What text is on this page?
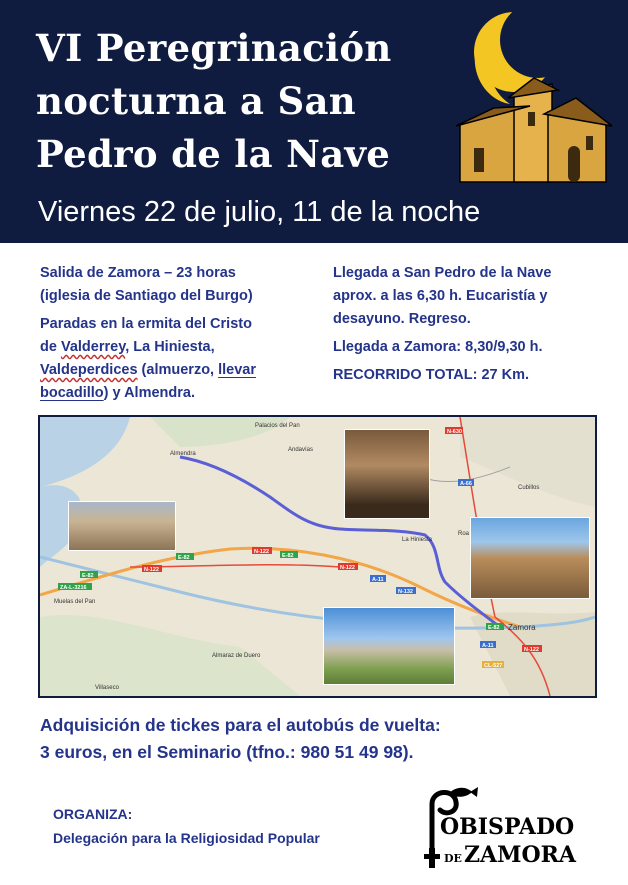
VI Peregrinación nocturna a San Pedro de la Nave

Viernes 22 de julio, 11 de la noche

Salida de Zamora – 23 horas

(iglesia de Santiago del Burgo)

Paradas en la ermita del Cristo

de Valderrey, La Hiniesta,

Valdeperdices (almuerzo, llevar

bocadillo) y Almendra.

Llegada a San Pedro de la Nave

aprox. a las 6,30 h. Eucaristía y

desayuno. Regreso.

Llegada a Zamora: 8,30/9,30 h.

RECORRIDO TOTAL: 27 Km.

Almendra
Palacios del Pan
Andavías
Cubillos
La Hiniesta
Roa
Zamora
Muelas del Pan
Almaraz de Duero
Villaseco
N-630
A-66
N-122
N-122	N-122
E-82	E-82
E-82
A-11
A-11
N-132
ZA-L-3216
CL-527
E-82
N-122

Adquisición de tickes para el autobús de vuelta:

3 euros, en el Seminario (tfno.: 980 51 49 98).

ORGANIZA:

Delegación para la Religiosidad Popular	OBISPADO
DE ZAMORA
